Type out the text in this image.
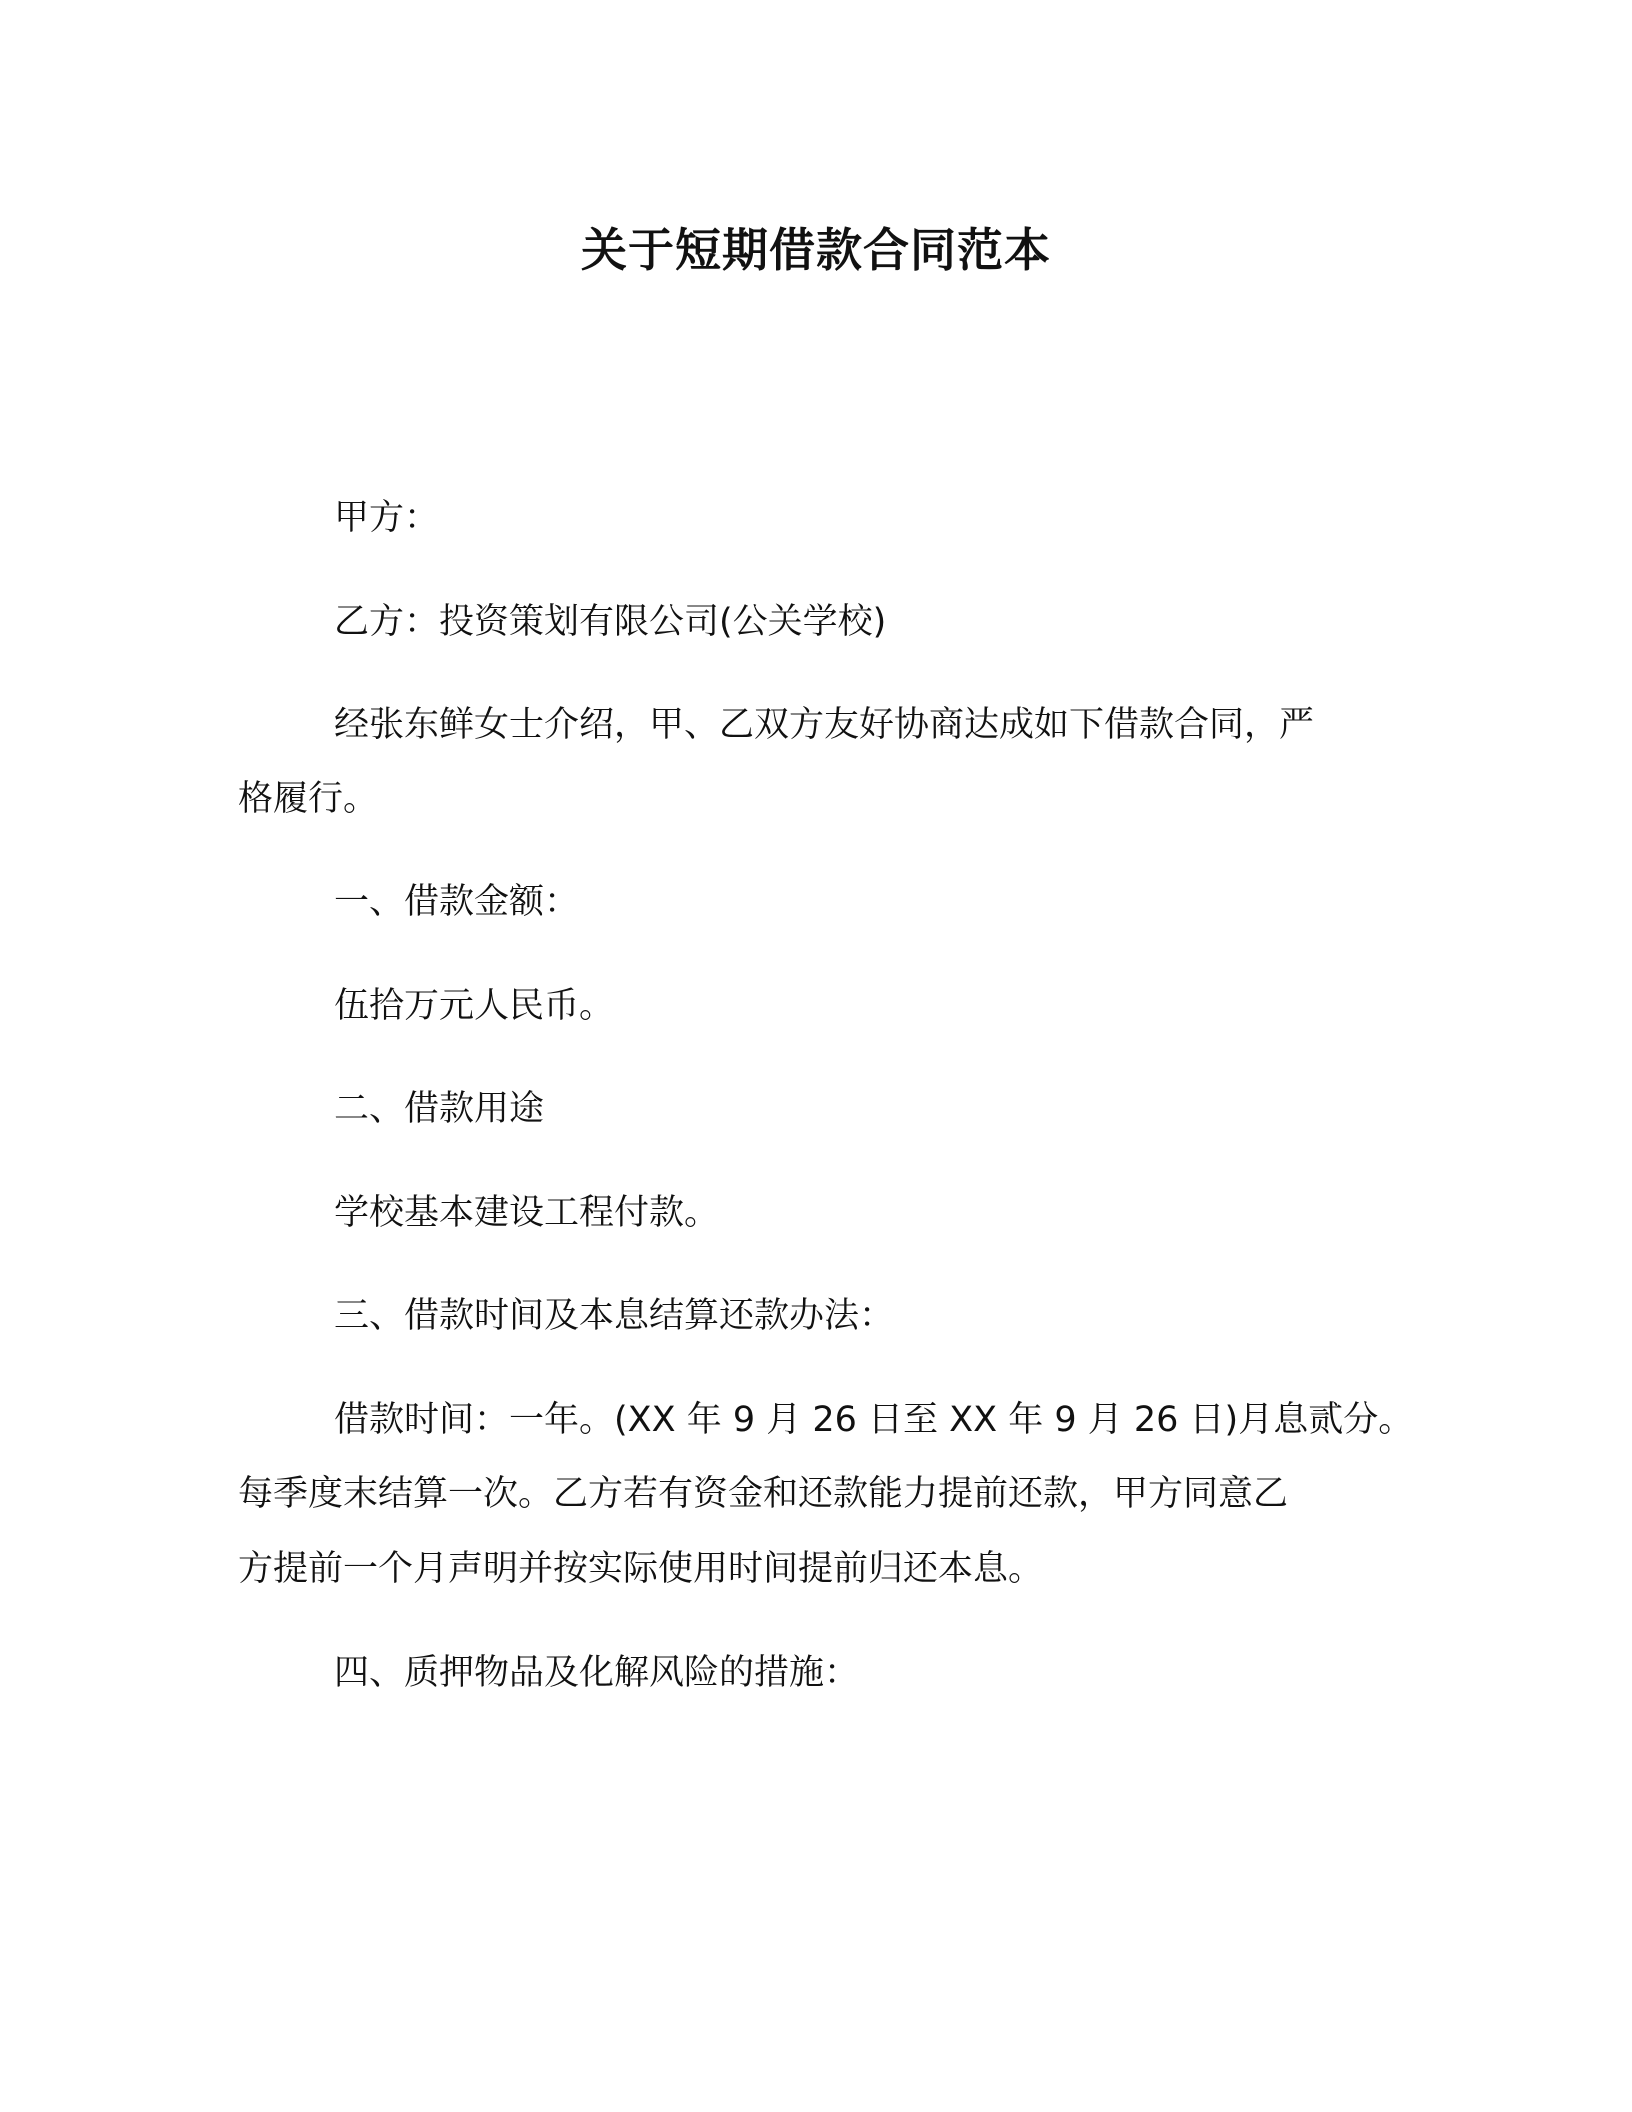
关于短期借款合同范本
甲方：
乙方：投资策划有限公司(公关学校)
经张东鲜女士介绍，甲、乙双方友好协商达成如下借款合同，严
格履行。
一、借款金额：
伍拾万元人民币。
二、借款用途
学校基本建设工程付款。
三、借款时间及本息结算还款办法：
借款时间：一年。(XX 年 9 月 26 日至 XX 年 9 月 26 日)月息贰分。
每季度末结算一次。乙方若有资金和还款能力提前还款，甲方同意乙
方提前一个月声明并按实际使用时间提前归还本息。
四、质押物品及化解风险的措施：
